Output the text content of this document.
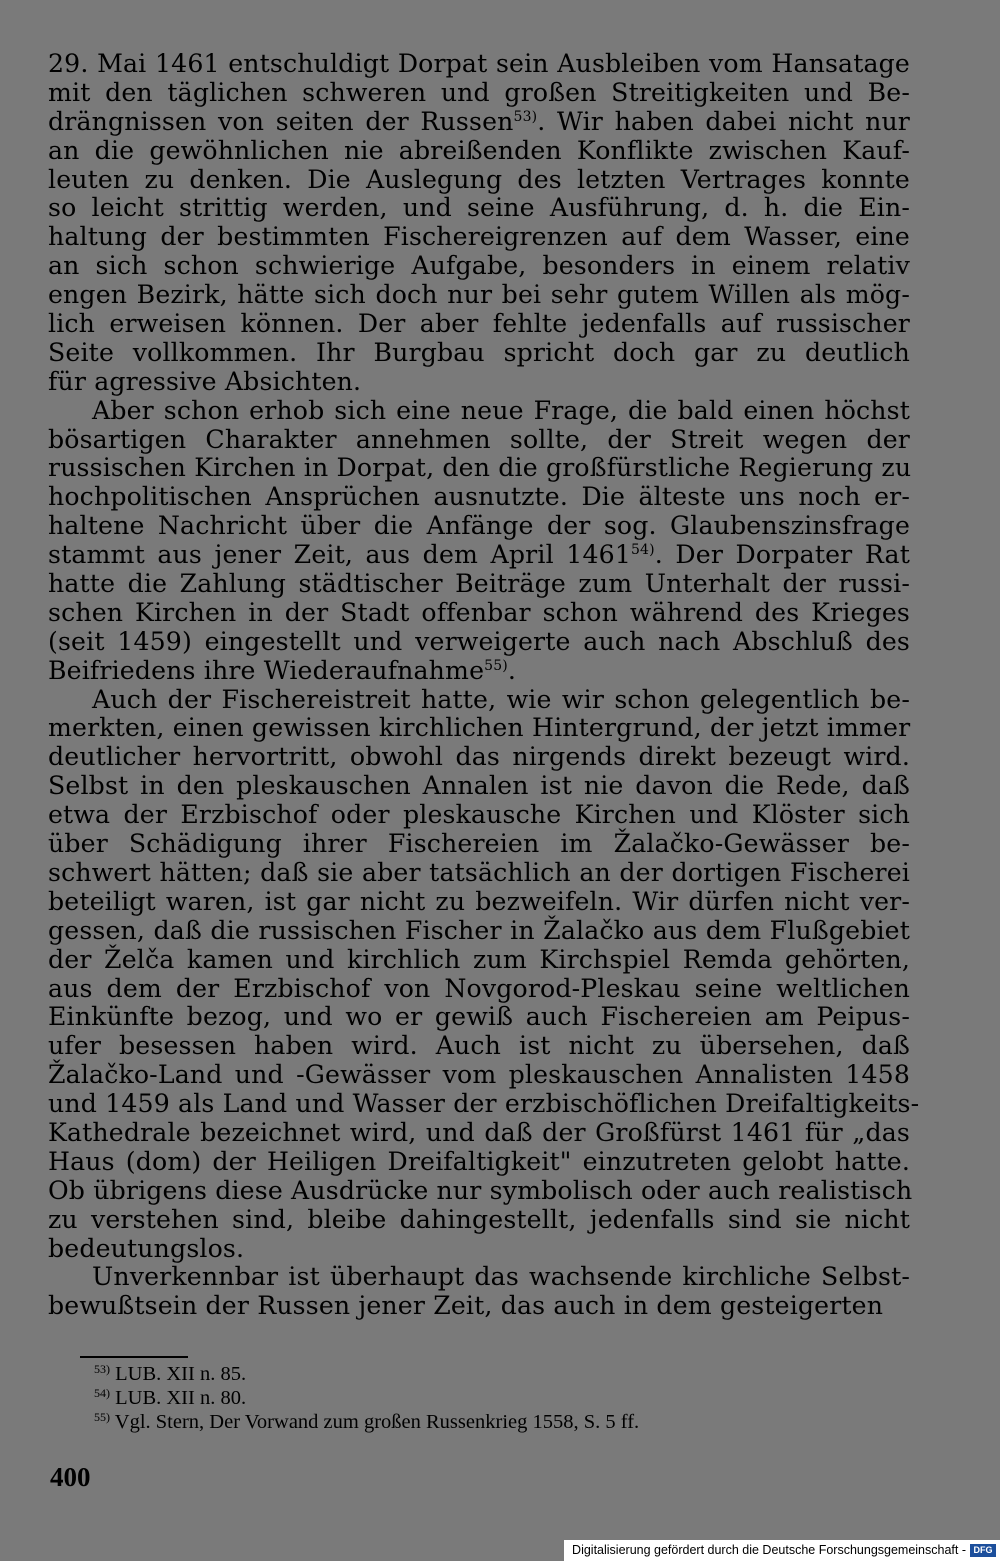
29. Mai 1461 entschuldigt Dorpat sein Ausbleiben vom Hansatage
mit den täglichen schweren und großen Streitigkeiten und Be-
drängnissen von seiten der Russen$^{53)}$. Wir haben dabei nicht nur
an die gewöhnlichen nie abreißenden Konflikte zwischen Kauf-
leuten zu denken. Die Auslegung des letzten Vertrages konnte
so leicht strittig werden, und seine Ausführung, d. h. die Ein-
haltung der bestimmten Fischereigrenzen auf dem Wasser, eine
an sich schon schwierige Aufgabe, besonders in einem relativ
engen Bezirk, hätte sich doch nur bei sehr gutem Willen als mög-
lich erweisen können. Der aber fehlte jedenfalls auf russischer
Seite vollkommen. Ihr Burgbau spricht doch gar zu deutlich
für agressive Absichten.
Aber schon erhob sich eine neue Frage, die bald einen höchst
bösartigen Charakter annehmen sollte, der Streit wegen der
russischen Kirchen in Dorpat, den die großfürstliche Regierung zu
hochpolitischen Ansprüchen ausnutzte. Die älteste uns noch er-
haltene Nachricht über die Anfänge der sog. Glaubenszinsfrage
stammt aus jener Zeit, aus dem April 1461$^{54)}$. Der Dorpater Rat
hatte die Zahlung städtischer Beiträge zum Unterhalt der russi-
schen Kirchen in der Stadt offenbar schon während des Krieges
(seit 1459) eingestellt und verweigerte auch nach Abschluß des
Beifriedens ihre Wiederaufnahme$^{55)}$.
Auch der Fischereistreit hatte, wie wir schon gelegentlich be-
merkten, einen gewissen kirchlichen Hintergrund, der jetzt immer
deutlicher hervortritt, obwohl das nirgends direkt bezeugt wird.
Selbst in den pleskauschen Annalen ist nie davon die Rede, daß
etwa der Erzbischof oder pleskausche Kirchen und Klöster sich
über Schädigung ihrer Fischereien im Žalačko-Gewässer be-
schwert hätten; daß sie aber tatsächlich an der dortigen Fischerei
beteiligt waren, ist gar nicht zu bezweifeln. Wir dürfen nicht ver-
gessen, daß die russischen Fischer in Žalačko aus dem Flußgebiet
der Želča kamen und kirchlich zum Kirchspiel Remda gehörten,
aus dem der Erzbischof von Novgorod-Pleskau seine weltlichen
Einkünfte bezog, und wo er gewiß auch Fischereien am Peipus-
ufer besessen haben wird. Auch ist nicht zu übersehen, daß
Žalačko-Land und -Gewässer vom pleskauschen Annalisten 1458
und 1459 als Land und Wasser der erzbischöflichen Dreifaltigkeits-
Kathedrale bezeichnet wird, und daß der Großfürst 1461 für „das
Haus (dom) der Heiligen Dreifaltigkeit" einzutreten gelobt hatte.
Ob übrigens diese Ausdrücke nur symbolisch oder auch realistisch
zu verstehen sind, bleibe dahingestellt, jedenfalls sind sie nicht
bedeutungslos.
Unverkennbar ist überhaupt das wachsende kirchliche Selbst-
bewußtsein der Russen jener Zeit, das auch in dem gesteigerten
$^{53)}$ LUB. XII n. 85.
$^{54)}$ LUB. XII n. 80.
$^{55)}$ Vgl. Stern, Der Vorwand zum großen Russenkrieg 1558, S. 5 ff.
400
Digitalisierung gefördert durch die Deutsche Forschungsgemeinschaft - DFG
